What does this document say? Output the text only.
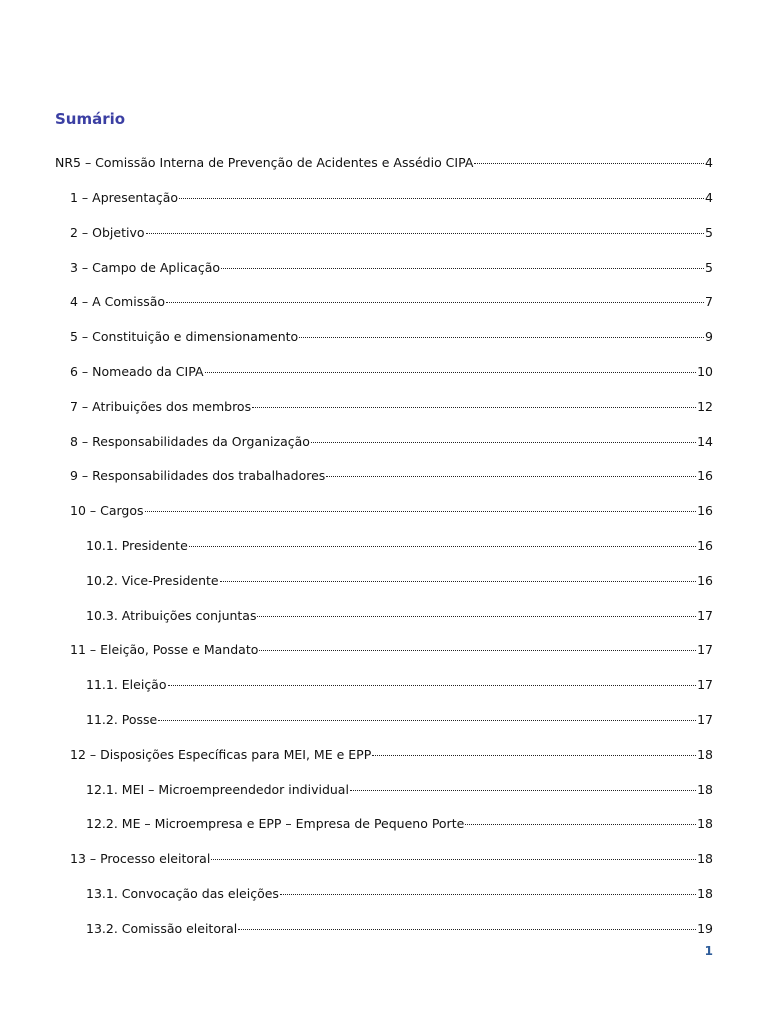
Sumário
NR5 – Comissão Interna de Prevenção de Acidentes e Assédio CIPA	4
1 – Apresentação	4
2 – Objetivo	5
3 – Campo de Aplicação	5
4 – A Comissão	7
5 – Constituição e dimensionamento	9
6 – Nomeado da CIPA	10
7 – Atribuições dos membros	12
8 – Responsabilidades da Organização	14
9 – Responsabilidades dos trabalhadores	16
10 – Cargos	16
10.1. Presidente	16
10.2. Vice-Presidente	16
10.3. Atribuições conjuntas	17
11 – Eleição, Posse e Mandato	17
11.1. Eleição	17
11.2. Posse	17
12 – Disposições Específicas para MEI, ME e EPP	18
12.1. MEI – Microempreendedor individual	18
12.2. ME – Microempresa e EPP – Empresa de Pequeno Porte	18
13 – Processo eleitoral	18
13.1. Convocação das eleições	18
13.2. Comissão eleitoral	19
1
